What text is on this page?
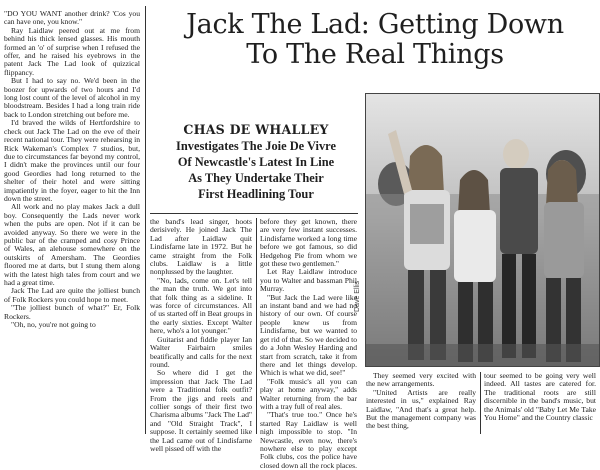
"DO YOU WANT another drink? 'Cos you can have one, you know."

Ray Laidlaw peered out at me from behind his thick lensed glasses. His mouth formed an 'o' of surprise when I refused the offer, and he raised his eyebrows in the patent Jack The Lad look of quizzical flippancy.

But I had to say no. We'd been in the boozer for upwards of two hours and I'd long lost count of the level of alcohol in my bloodstream. Besides I had a long train ride back to London stretching out before me.

I'd braved the wilds of Hertfordshire to check out Jack The Lad on the eve of their recent national tour. They were rehearsing in Rick Wakeman's Complex 7 studios, but, due to circumstances far beyond my control, I didn't make the provinces until our four good Geordies had long returned to the shelter of their hotel and were sitting impatiently in the foyer, eager to hit the Inn down the street.

All work and no play makes Jack a dull boy. Consequently the Lads never work when the pubs are open. Not if it can be avoided anyway. So there we were in the public bar of the cramped and cosy Prince of Wales, an alehouse somewhere on the outskirts of Amersham. The Geordies floored me at darts, but I stung them along with the latest high tales from court and we had a great time.

Jack The Lad are quite the jolliest bunch of Folk Rockers you could hope to meet.

"The jolliest bunch of what?" Er, Folk Rockers.

"Oh, no, you're not going to

Jack The Lad: Getting Down
To The Real Things
CHAS DE WHALLEY
Investigates The Joie De Vivre
Of Newcastle's Latest In Line
As They Undertake Their
First Headlining Tour

the band's lead singer, hoots derisively. He joined Jack The Lad after Laidlaw quit Lindisfarne late in 1972. But he came straight from the Folk clubs. Laidlaw is a little nonplussed by the laughter.

"No, lads, come on. Let's tell the man the truth. We got into that folk thing as a sideline. It was force of circumstances. All of us started off in Beat groups in the early sixties. Except Walter here, who's a lot younger."

Guitarist and fiddle player Ian Walter Fairbairn smiles beatifically and calls for the next round.

So where did I get the impression that Jack The Lad were a Traditional folk outfit? From the jigs and reels and collier songs of their first two Charisma albums "Jack The Lad" and "Old Straight Track", I suppose. It certainly seemed like the Lad came out of Lindisfarne well pissed off with the

before they get known, there are very few instant successes. Lindisfarne worked a long time before we got famous, so did Hedgehog Pie from whom we got these two gentlemen."

Let Ray Laidlaw introduce you to Walter and bassman Phil Murray.

"But Jack the Lad were like an instant band and we had no history of our own. Of course people knew us from Lindisfarne, but we wanted to get rid of that. So we decided to do a John Wesley Harding and start from scratch, take it from there and let things develop. Which is what we did, see!"

"Folk music's all you can play at home anyway," adds Walter returning from the bar with a tray full of real ales.

"That's true too." Once he's started Ray Laidlaw is well nigh impossible to stop. "In Newcastle, even now, there's nowhere else to play except Folk clubs, cos the police have closed down all the rock places.

Dave Ellis

They seemed very excited with the new arrangements.

"United Artists are really interested in us," explained Ray Laidlaw, "And that's a great help. But the management company was the best thing,

tour seemed to be going very well indeed. All tastes are catered for. The traditional roots are still discernible in the band's music, but the Animals' old "Baby Let Me Take You Home" and the Country classic
